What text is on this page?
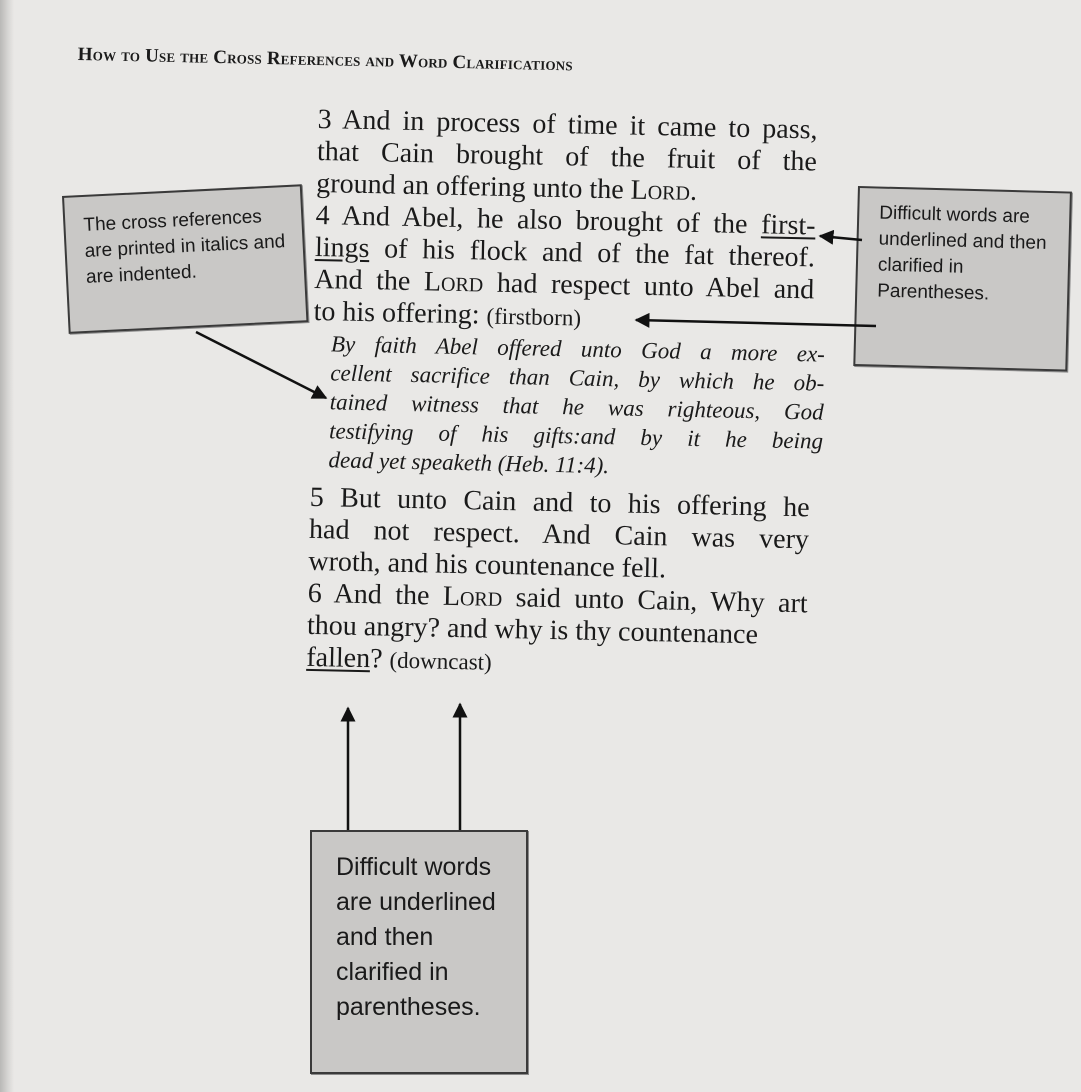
How to Use the Cross References and Word Clarifications
3 And in process of time it came to pass,
that Cain brought of the fruit of the
ground an offering unto the Lord.
4 And Abel, he also brought of the first-
lings of his flock and of the fat thereof.
And the Lord had respect unto Abel and
to his offering: (firstborn)
By faith Abel offered unto God a more ex-
cellent sacrifice than Cain, by which he ob-
tained witness that he was righteous, God
testifying of his gifts:and by it he being
dead yet speaketh (Heb. 11:4).
5 But unto Cain and to his offering he
had not respect. And Cain was very
wroth, and his countenance fell.
6 And the Lord said unto Cain, Why art
thou angry? and why is thy countenance
fallen? (downcast)
The cross references are printed in italics and are indented.
Difficult words are underlined and then clarified in Parentheses.
Difficult words are underlined and then clarified in parentheses.
